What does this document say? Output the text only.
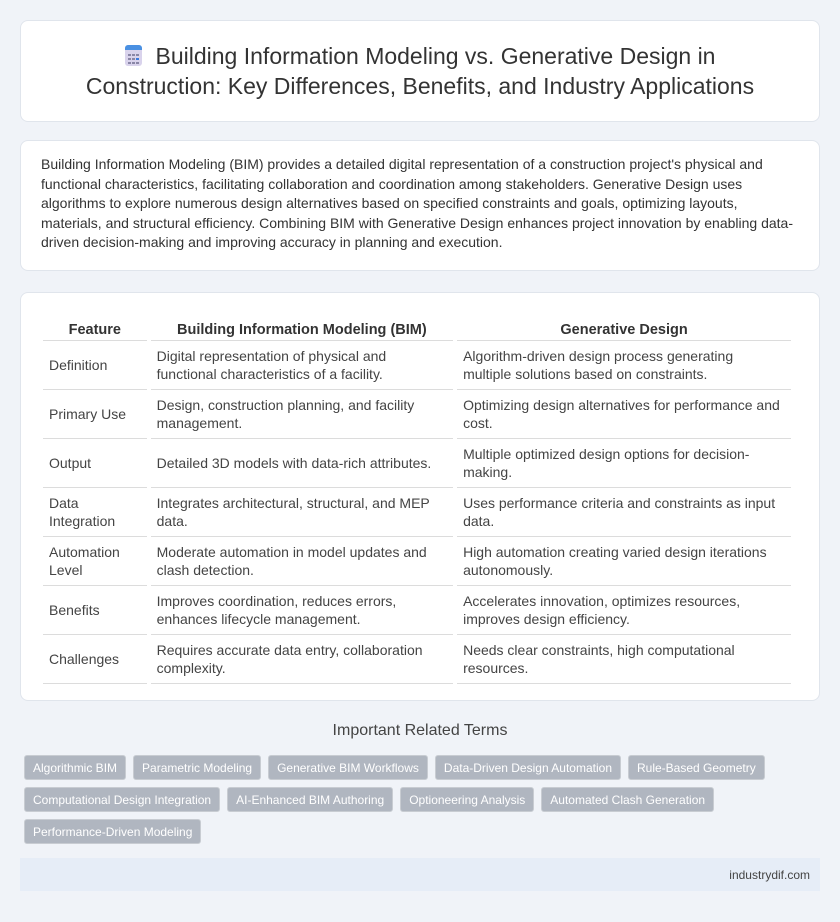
Building Information Modeling vs. Generative Design in Construction: Key Differences, Benefits, and Industry Applications

Building Information Modeling (BIM) provides a detailed digital representation of a construction project's physical and functional characteristics, facilitating collaboration and coordination among stakeholders. Generative Design uses algorithms to explore numerous design alternatives based on specified constraints and goals, optimizing layouts, materials, and structural efficiency. Combining BIM with Generative Design enhances project innovation by enabling data-driven decision-making and improving accuracy in planning and execution.

Feature	Building Information Modeling (BIM)	Generative Design
Definition	Digital representation of physical and functional characteristics of a facility.	Algorithm-driven design process generating multiple solutions based on constraints.
Primary Use	Design, construction planning, and facility management.	Optimizing design alternatives for performance and cost.
Output	Detailed 3D models with data-rich attributes.	Multiple optimized design options for decision-making.
Data Integration	Integrates architectural, structural, and MEP data.	Uses performance criteria and constraints as input data.
Automation Level	Moderate automation in model updates and clash detection.	High automation creating varied design iterations autonomously.
Benefits	Improves coordination, reduces errors, enhances lifecycle management.	Accelerates innovation, optimizes resources, improves design efficiency.
Challenges	Requires accurate data entry, collaboration complexity.	Needs clear constraints, high computational resources.
Important Related Terms
Algorithmic BIM	Parametric Modeling	Generative BIM Workflows	Data-Driven Design Automation	Rule-Based Geometry
Computational Design Integration	AI-Enhanced BIM Authoring	Optioneering Analysis	Automated Clash Generation
Performance-Driven Modeling
industrydif.com
